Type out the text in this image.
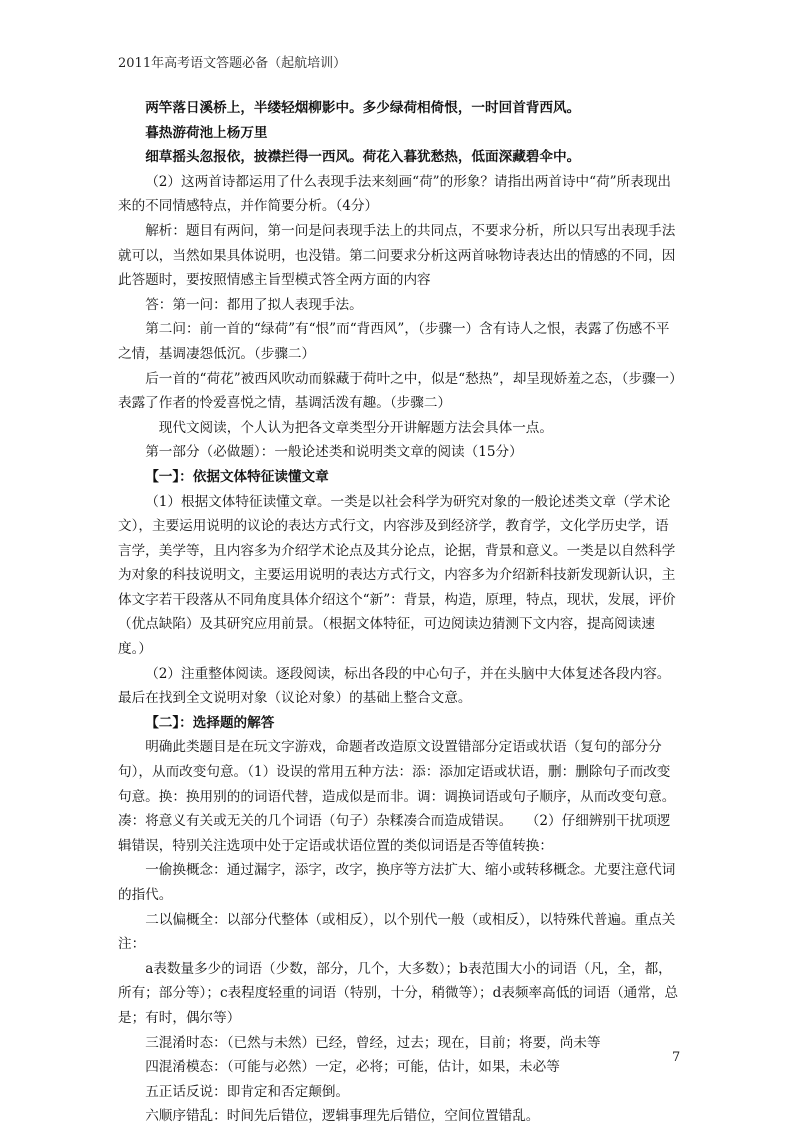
2011年高考语文答题必备（起航培训）

两竿落日溪桥上，半缕轻烟柳影中。多少绿荷相倚恨，一时回首背西风。

暮热游荷池上杨万里

细草摇头忽报依，披襟拦得一西风。荷花入暮犹愁热，低面深藏碧伞中。

（2）这两首诗都运用了什么表现手法来刻画“荷”的形象？请指出两首诗中“荷”所表现出来的不同情感特点，并作简要分析。（4分）

解析：题目有两问，第一问是问表现手法上的共同点，不要求分析，所以只写出表现手法就可以，当然如果具体说明，也没错。第二问要求分析这两首咏物诗表达出的情感的不同，因此答题时，要按照情感主旨型模式答全两方面的内容

答：第一问：都用了拟人表现手法。

第二问：前一首的“绿荷”有“恨”而“背西风”，（步骤一）含有诗人之恨，表露了伤感不平之情，基调凄怨低沉。（步骤二）

后一首的“荷花”被西风吹动而躲藏于荷叶之中，似是“愁热”，却呈现娇羞之态，（步骤一）表露了作者的怜爱喜悦之情，基调活泼有趣。（步骤二）

　现代文阅读，个人认为把各文章类型分开讲解题方法会具体一点。

第一部分（必做题）：一般论述类和说明类文章的阅读（15分）

【一】：依据文体特征读懂文章

（1）根据文体特征读懂文章。一类是以社会科学为研究对象的一般论述类文章（学术论文），主要运用说明的议论的表达方式行文，内容涉及到经济学，教育学，文化学历史学，语言学，美学等，且内容多为介绍学术论点及其分论点，论据，背景和意义。一类是以自然科学为对象的科技说明文，主要运用说明的表达方式行文，内容多为介绍新科技新发现新认识，主体文字若干段落从不同角度具体介绍这个“新”：背景，构造，原理，特点，现状，发展，评价（优点缺陷）及其研究应用前景。（根据文体特征，可边阅读边猜测下文内容，提高阅读速度。）

（2）注重整体阅读。逐段阅读，标出各段的中心句子，并在头脑中大体复述各段内容。最后在找到全文说明对象（议论对象）的基础上整合文意。

【二】：选择题的解答

明确此类题目是在玩文字游戏，命题者改造原文设置错部分定语或状语（复句的部分分句），从而改变句意。（1）设误的常用五种方法：添：添加定语或状语，删：删除句子而改变句意。换：换用别的的词语代替，造成似是而非。调：调换词语或句子顺序，从而改变句意。凑：将意义有关或无关的几个词语（句子）杂糅凑合而造成错误。　　（2）仔细辨别干扰项逻辑错误，特别关注选项中处于定语或状语位置的类似词语是否等值转换：

一偷换概念：通过漏字，添字，改字，换序等方法扩大、缩小或转移概念。尤要注意代词的指代。

二以偏概全：以部分代整体（或相反），以个别代一般（或相反），以特殊代普遍。重点关注：

a表数量多少的词语（少数，部分，几个，大多数）；b表范围大小的词语（凡，全，都，所有；部分等）；c表程度轻重的词语（特别，十分，稍微等）；d表频率高低的词语（通常，总是；有时，偶尔等）

三混淆时态：（已然与未然）已经，曾经，过去；现在，目前；将要，尚未等

四混淆模态：（可能与必然）一定，必将；可能，估计，如果，未必等

五正话反说：即肯定和否定颠倒。

六顺序错乱：时间先后错位，逻辑事理先后错位，空间位置错乱。

7
